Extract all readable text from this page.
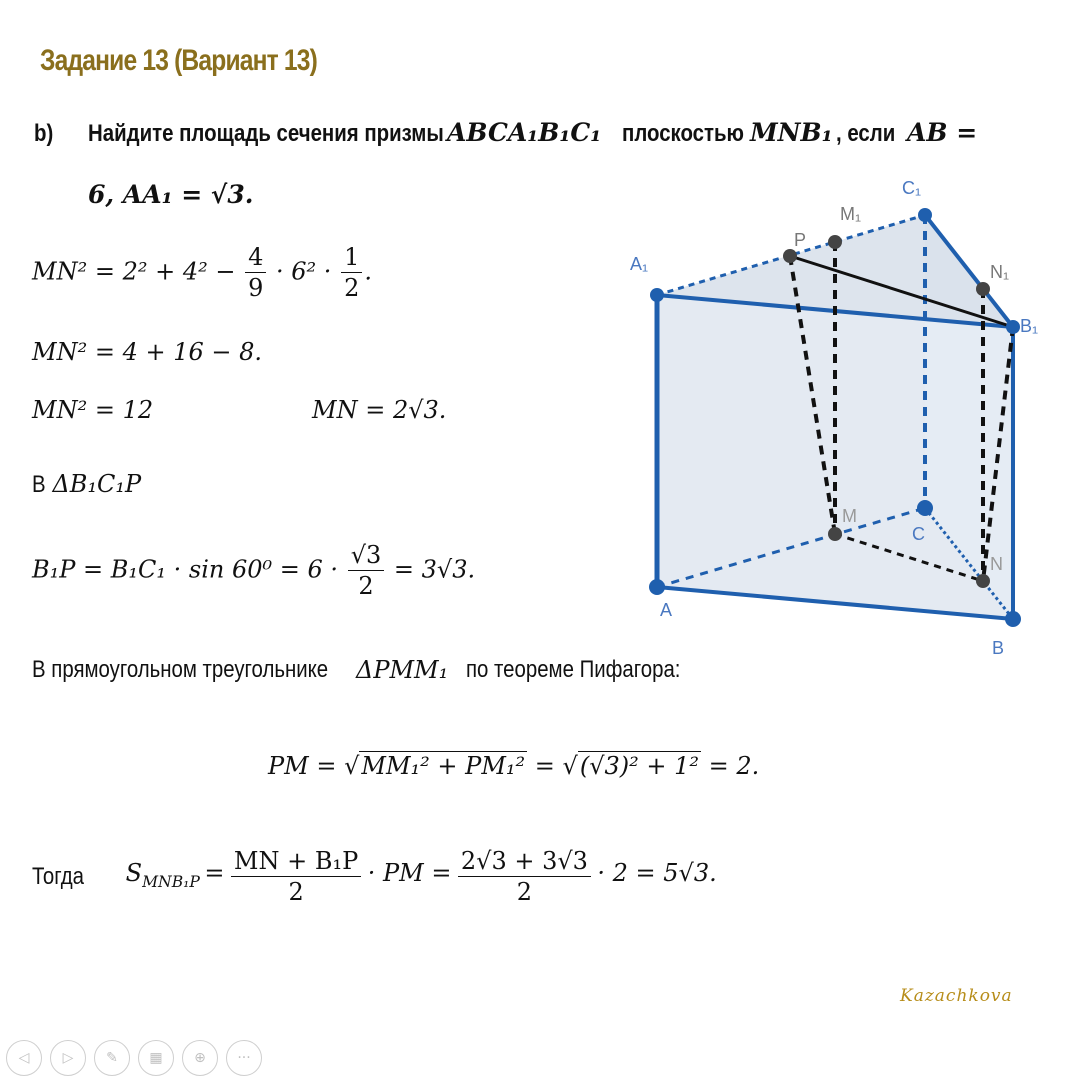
Задание 13 (Вариант 13)
b) Найдите площадь сечения призмы ABCA₁B₁C₁ плоскостью MNB₁ , если AB =
6, AA₁ = √3.
$MN^2 = 2^2 + 4^2 - \frac{4}{9} \cdot 6^2 \cdot \frac{1}{2}$ .
MN² = 4 + 16 − 8.
MN² = 12	MN = 2√3.
В ΔB₁C₁P
$B_1P = B_1C_1 \cdot \sin 60^0 = 6 \cdot \frac{√3}{2} = 3√3$.
В прямоугольном треугольнике	ΔPMM₁ по теореме Пифагора:
PM = √MM₁² + PM₁² = √(√3)² + 1² = 2.
Тогда $S_{MNB_1P} = \frac{\text{MN + B₁P}}{2}$ · PM = $\frac{2√3 + 3√3}{2} \cdot 2 = 5√3$.
A₁
P
M₁
C₁
N₁
B₁
M
C
N
A
B
Kazachkova
◁	▷	✎	▦	⊕	···
